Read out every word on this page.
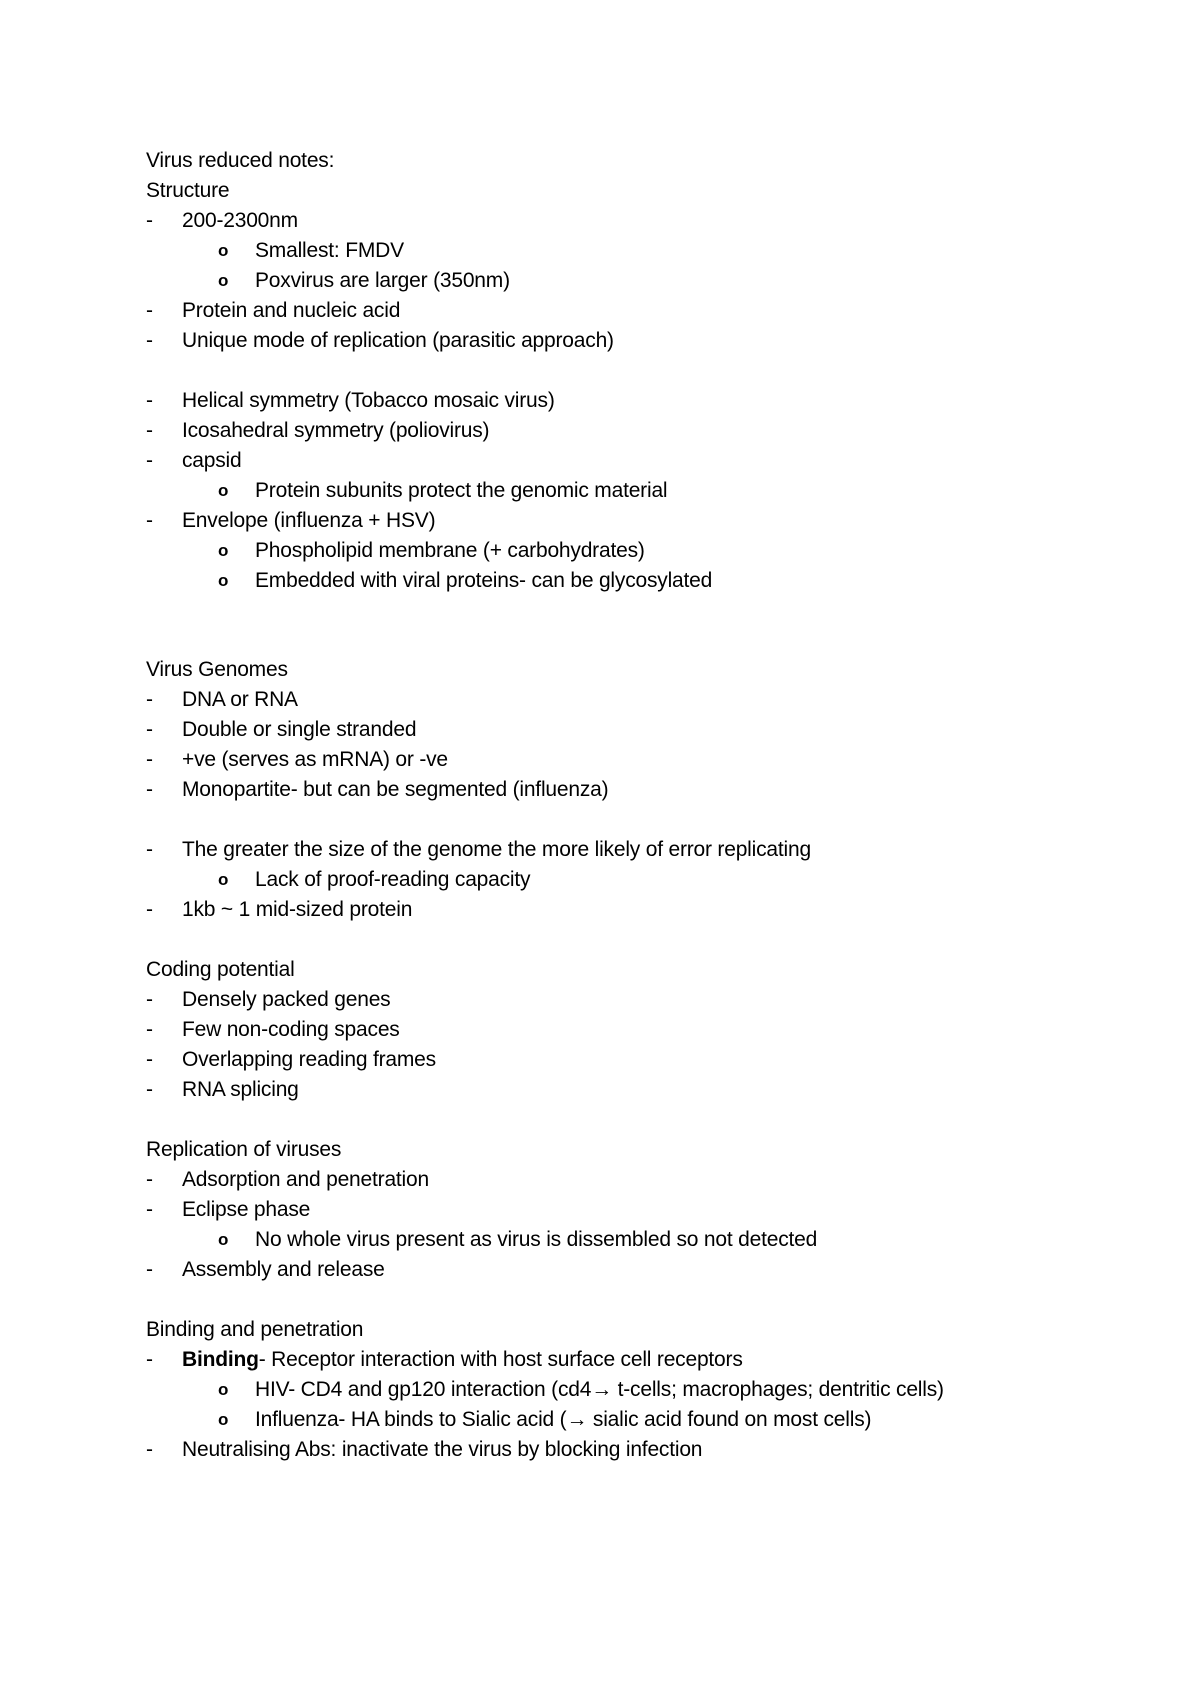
Virus reduced notes:
Structure
- 200-2300nm
o Smallest: FMDV
o Poxvirus are larger (350nm)
- Protein and nucleic acid
- Unique mode of replication (parasitic approach)
- Helical symmetry (Tobacco mosaic virus)
- Icosahedral symmetry (poliovirus)
- capsid
o Protein subunits protect the genomic material
- Envelope (influenza + HSV)
o Phospholipid membrane (+ carbohydrates)
o Embedded with viral proteins- can be glycosylated
Virus Genomes
- DNA or RNA
- Double or single stranded
- +ve (serves as mRNA) or -ve
- Monopartite- but can be segmented (influenza)
- The greater the size of the genome the more likely of error replicating
o Lack of proof-reading capacity
- 1kb ~ 1 mid-sized protein
Coding potential
- Densely packed genes
- Few non-coding spaces
- Overlapping reading frames
- RNA splicing
Replication of viruses
- Adsorption and penetration
- Eclipse phase
o No whole virus present as virus is dissembled so not detected
- Assembly and release
Binding and penetration
- Binding- Receptor interaction with host surface cell receptors
o HIV- CD4 and gp120 interaction (cd4→ t-cells; macrophages; dentritic cells)
o Influenza- HA binds to Sialic acid (→ sialic acid found on most cells)
- Neutralising Abs: inactivate the virus by blocking infection
